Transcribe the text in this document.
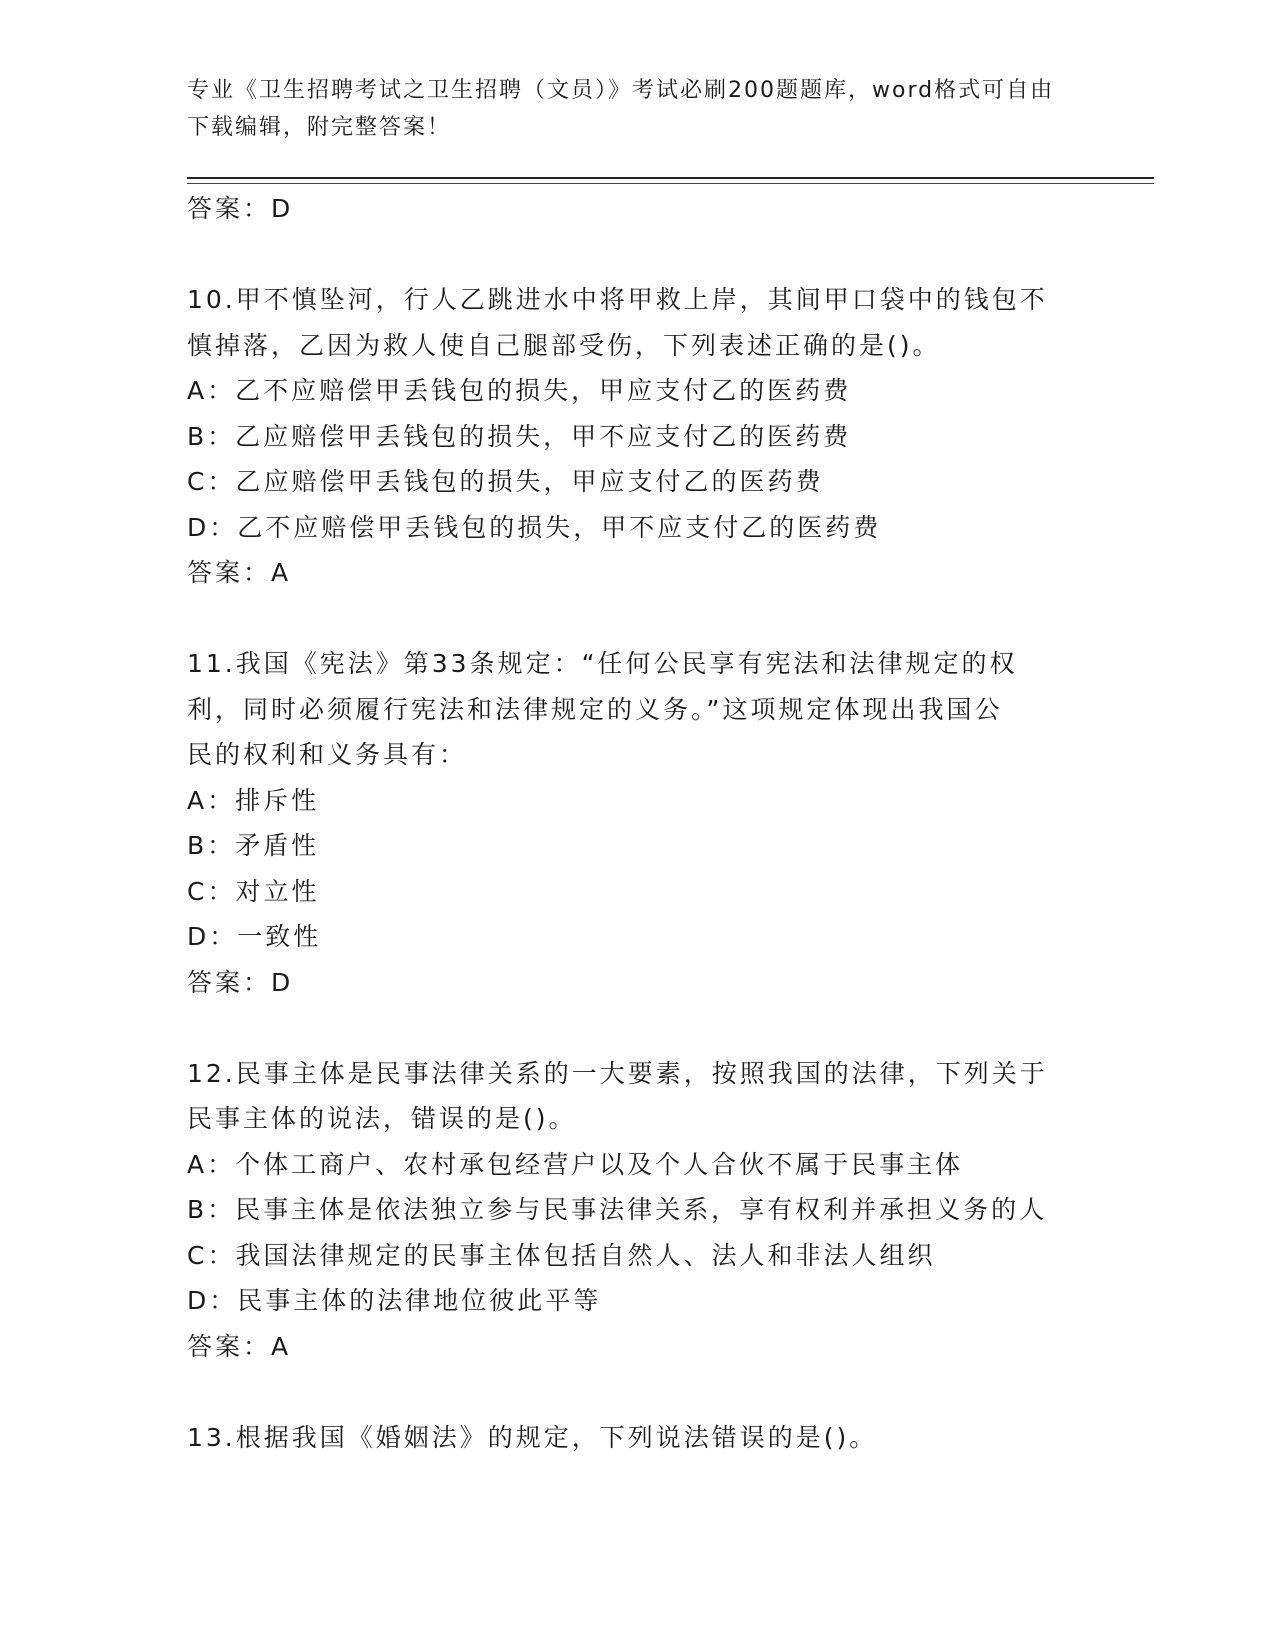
专业《卫生招聘考试之卫生招聘（文员）》考试必刷200题题库，word格式可自由下载编辑，附完整答案！
答案：D
10.甲不慎坠河，行人乙跳进水中将甲救上岸，其间甲口袋中的钱包不
慎掉落，乙因为救人使自己腿部受伤，下列表述正确的是()。
A：乙不应赔偿甲丢钱包的损失，甲应支付乙的医药费
B：乙应赔偿甲丢钱包的损失，甲不应支付乙的医药费
C：乙应赔偿甲丢钱包的损失，甲应支付乙的医药费
D：乙不应赔偿甲丢钱包的损失，甲不应支付乙的医药费
答案：A
11.我国《宪法》第33条规定：“任何公民享有宪法和法律规定的权
利，同时必须履行宪法和法律规定的义务。”这项规定体现出我国公
民的权利和义务具有：
A：排斥性
B：矛盾性
C：对立性
D：一致性
答案：D
12.民事主体是民事法律关系的一大要素，按照我国的法律，下列关于
民事主体的说法，错误的是()。
A：个体工商户、农村承包经营户以及个人合伙不属于民事主体
B：民事主体是依法独立参与民事法律关系，享有权利并承担义务的人
C：我国法律规定的民事主体包括自然人、法人和非法人组织
D：民事主体的法律地位彼此平等
答案：A
13.根据我国《婚姻法》的规定，下列说法错误的是()。
